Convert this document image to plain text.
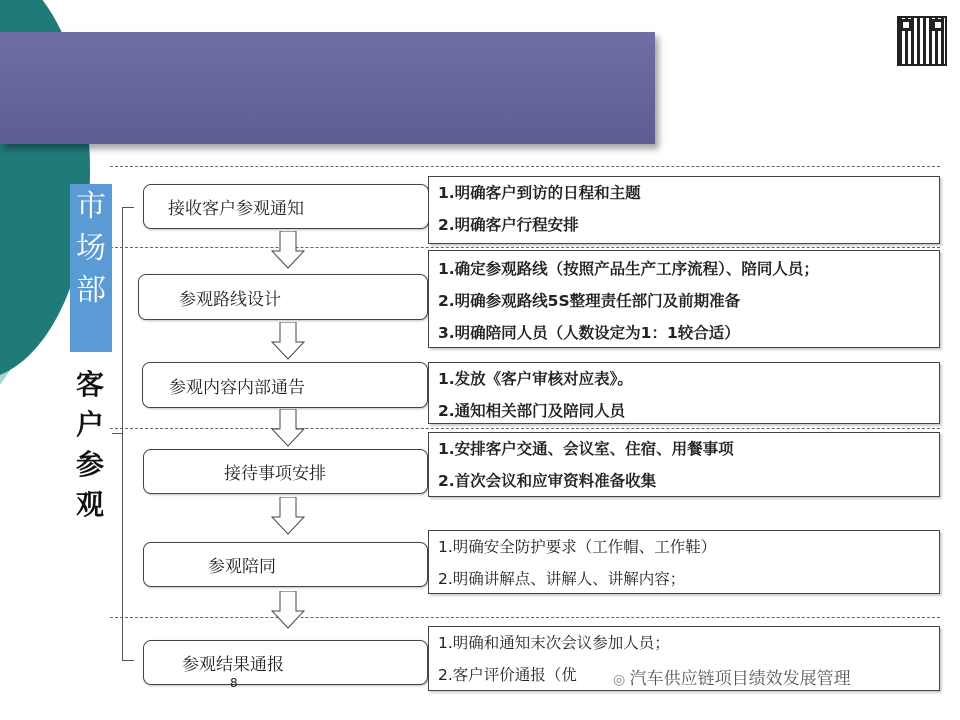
市场部
客
户
参
观
接收客户参观通知
参观路线设计
参观内容内部通告
接待事项安排
参观陪同
参观结果通报
1.明确客户到访的日程和主题
2.明确客户行程安排
1.确定参观路线（按照产品生产工序流程）、陪同人员；
2.明确参观路线5S整理责任部门及前期准备
3.明确陪同人员（人数设定为1：1较合适）
1.发放《客户审核对应表》。
2.通知相关部门及陪同人员
1.安排客户交通、会议室、住宿、用餐事项
2.首次会议和应审资料准备收集
1.明确安全防护要求（工作帽、工作鞋）
2.明确讲解点、讲解人、讲解内容；
1.明确和通知末次会议参加人员；
2.客户评价通报（优
8	◎ 汽车供应链项目绩效发展管理
